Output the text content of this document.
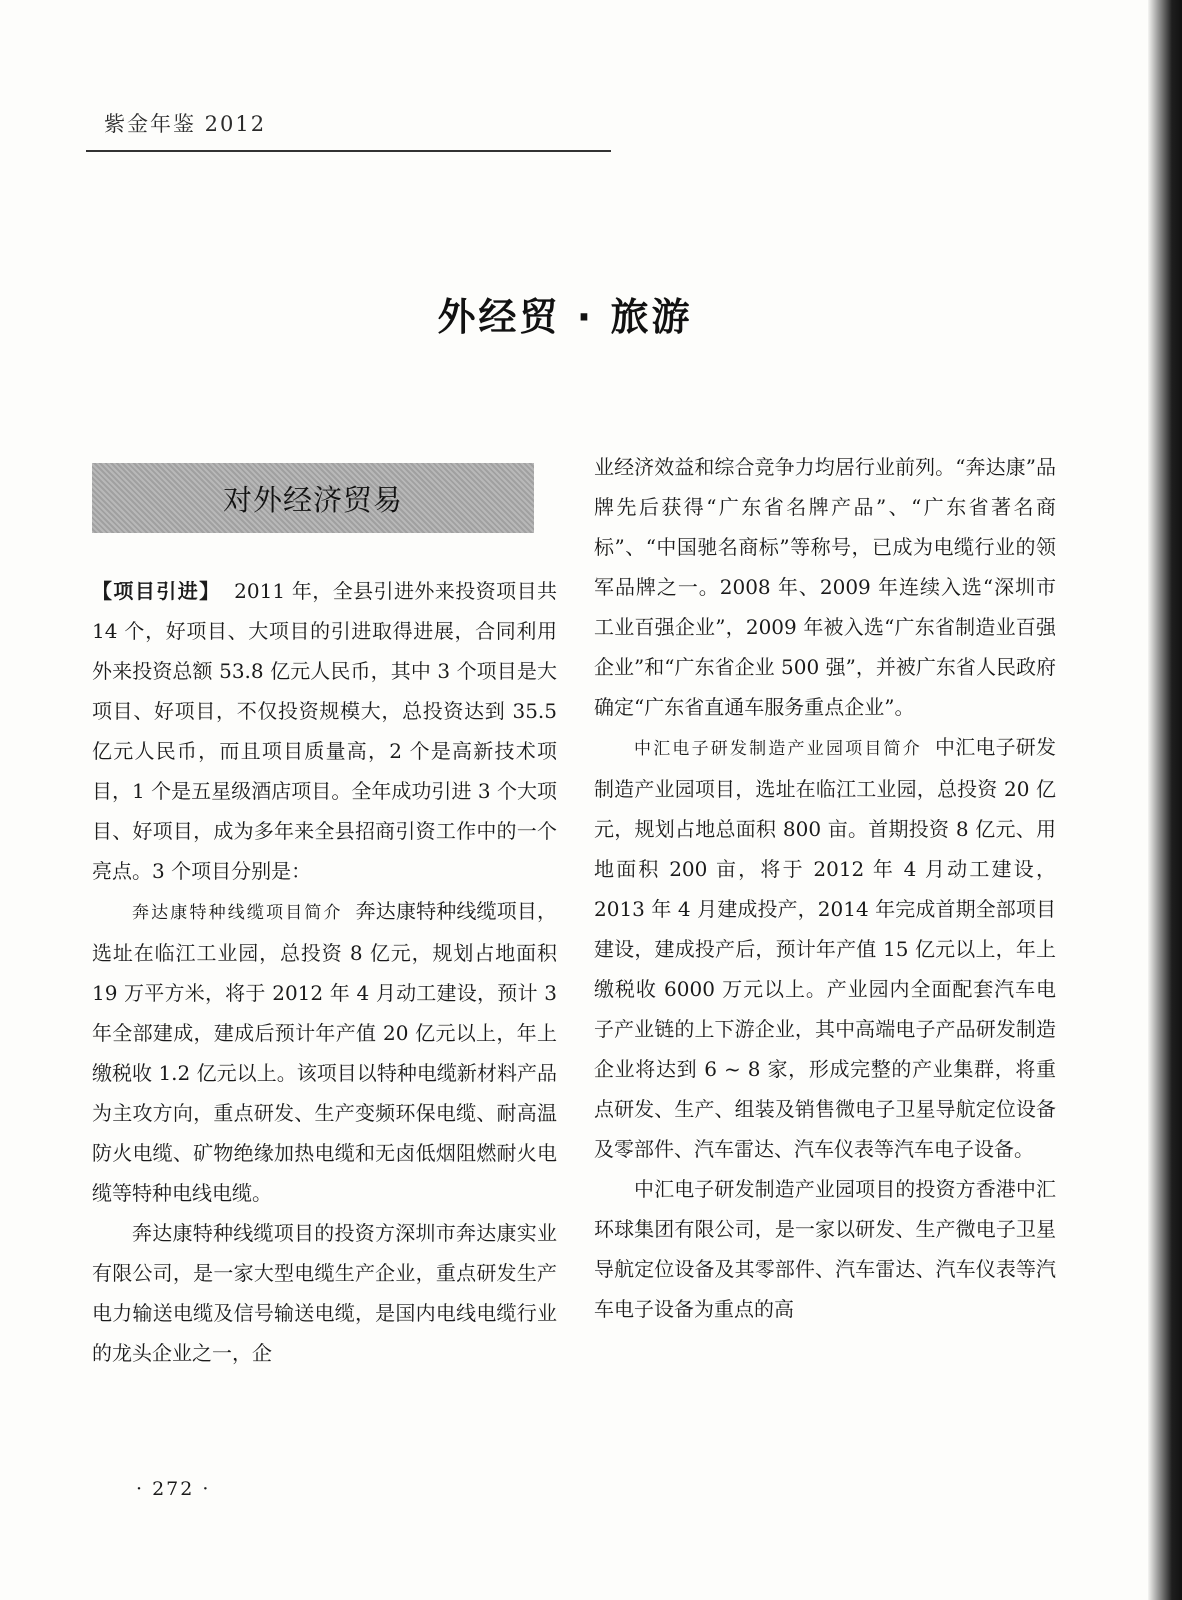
紫金年鉴 2012
外经贸 · 旅游
对外经济贸易

【项目引进】 2011 年，全县引进外来投资项目共 14 个，好项目、大项目的引进取得进展，合同利用外来投资总额 53.8 亿元人民币，其中 3 个项目是大项目、好项目，不仅投资规模大，总投资达到 35.5 亿元人民币，而且项目质量高，2 个是高新技术项目，1 个是五星级酒店项目。全年成功引进 3 个大项目、好项目，成为多年来全县招商引资工作中的一个亮点。3 个项目分别是：

奔达康特种线缆项目简介 奔达康特种线缆项目，选址在临江工业园，总投资 8 亿元，规划占地面积 19 万平方米，将于 2012 年 4 月动工建设，预计 3 年全部建成，建成后预计年产值 20 亿元以上，年上缴税收 1.2 亿元以上。该项目以特种电缆新材料产品为主攻方向，重点研发、生产变频环保电缆、耐高温防火电缆、矿物绝缘加热电缆和无卤低烟阻燃耐火电缆等特种电线电缆。

奔达康特种线缆项目的投资方深圳市奔达康实业有限公司，是一家大型电缆生产企业，重点研发生产电力输送电缆及信号输送电缆，是国内电线电缆行业的龙头企业之一，企

业经济效益和综合竞争力均居行业前列。“奔达康”品牌先后获得“广东省名牌产品”、“广东省著名商标”、“中国驰名商标”等称号，已成为电缆行业的领军品牌之一。2008 年、2009 年连续入选“深圳市工业百强企业”，2009 年被入选“广东省制造业百强企业”和“广东省企业 500 强”，并被广东省人民政府确定“广东省直通车服务重点企业”。

中汇电子研发制造产业园项目简介 中汇电子研发制造产业园项目，选址在临江工业园，总投资 20 亿元，规划占地总面积 800 亩。首期投资 8 亿元、用地面积 200 亩，将于 2012 年 4 月动工建设，2013 年 4 月建成投产，2014 年完成首期全部项目建设，建成投产后，预计年产值 15 亿元以上，年上缴税收 6000 万元以上。产业园内全面配套汽车电子产业链的上下游企业，其中高端电子产品研发制造企业将达到 6 ~ 8 家，形成完整的产业集群，将重点研发、生产、组装及销售微电子卫星导航定位设备及零部件、汽车雷达、汽车仪表等汽车电子设备。

中汇电子研发制造产业园项目的投资方香港中汇环球集团有限公司，是一家以研发、生产微电子卫星导航定位设备及其零部件、汽车雷达、汽车仪表等汽车电子设备为重点的高

· 272 ·
